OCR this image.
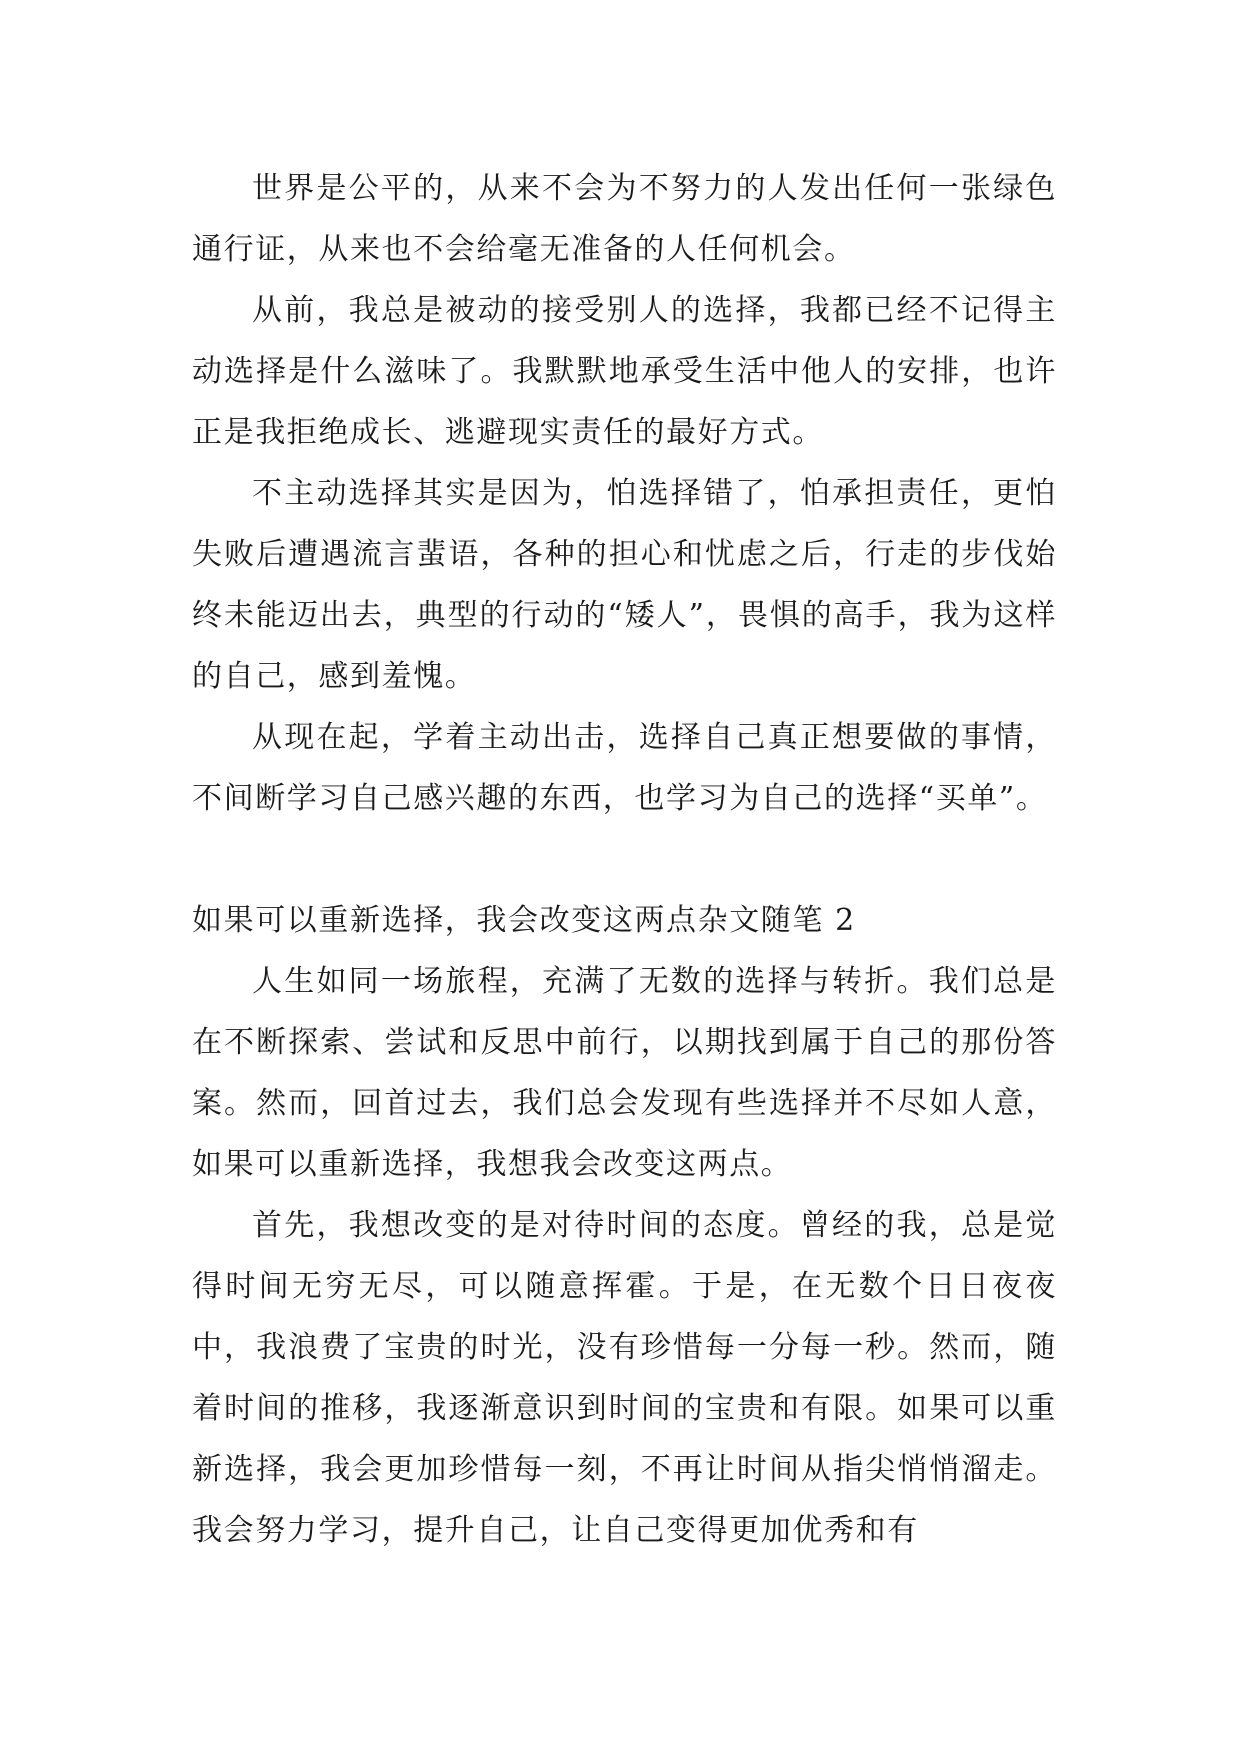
世界是公平的，从来不会为不努力的人发出任何一张绿色通行证，从来也不会给毫无准备的人任何机会。

从前，我总是被动的接受别人的选择，我都已经不记得主动选择是什么滋味了。我默默地承受生活中他人的安排，也许正是我拒绝成长、逃避现实责任的最好方式。

不主动选择其实是因为，怕选择错了，怕承担责任，更怕失败后遭遇流言蜚语，各种的担心和忧虑之后，行走的步伐始终未能迈出去，典型的行动的“矮人”，畏惧的高手，我为这样的自己，感到羞愧。

从现在起，学着主动出击，选择自己真正想要做的事情，不间断学习自己感兴趣的东西，也学习为自己的选择“买单”。

如果可以重新选择，我会改变这两点杂文随笔 2

人生如同一场旅程，充满了无数的选择与转折。我们总是在不断探索、尝试和反思中前行，以期找到属于自己的那份答案。然而，回首过去，我们总会发现有些选择并不尽如人意，如果可以重新选择，我想我会改变这两点。

首先，我想改变的是对待时间的态度。曾经的我，总是觉得时间无穷无尽，可以随意挥霍。于是，在无数个日日夜夜中，我浪费了宝贵的时光，没有珍惜每一分每一秒。然而，随着时间的推移，我逐渐意识到时间的宝贵和有限。如果可以重新选择，我会更加珍惜每一刻，不再让时间从指尖悄悄溜走。我会努力学习，提升自己，让自己变得更加优秀和有
